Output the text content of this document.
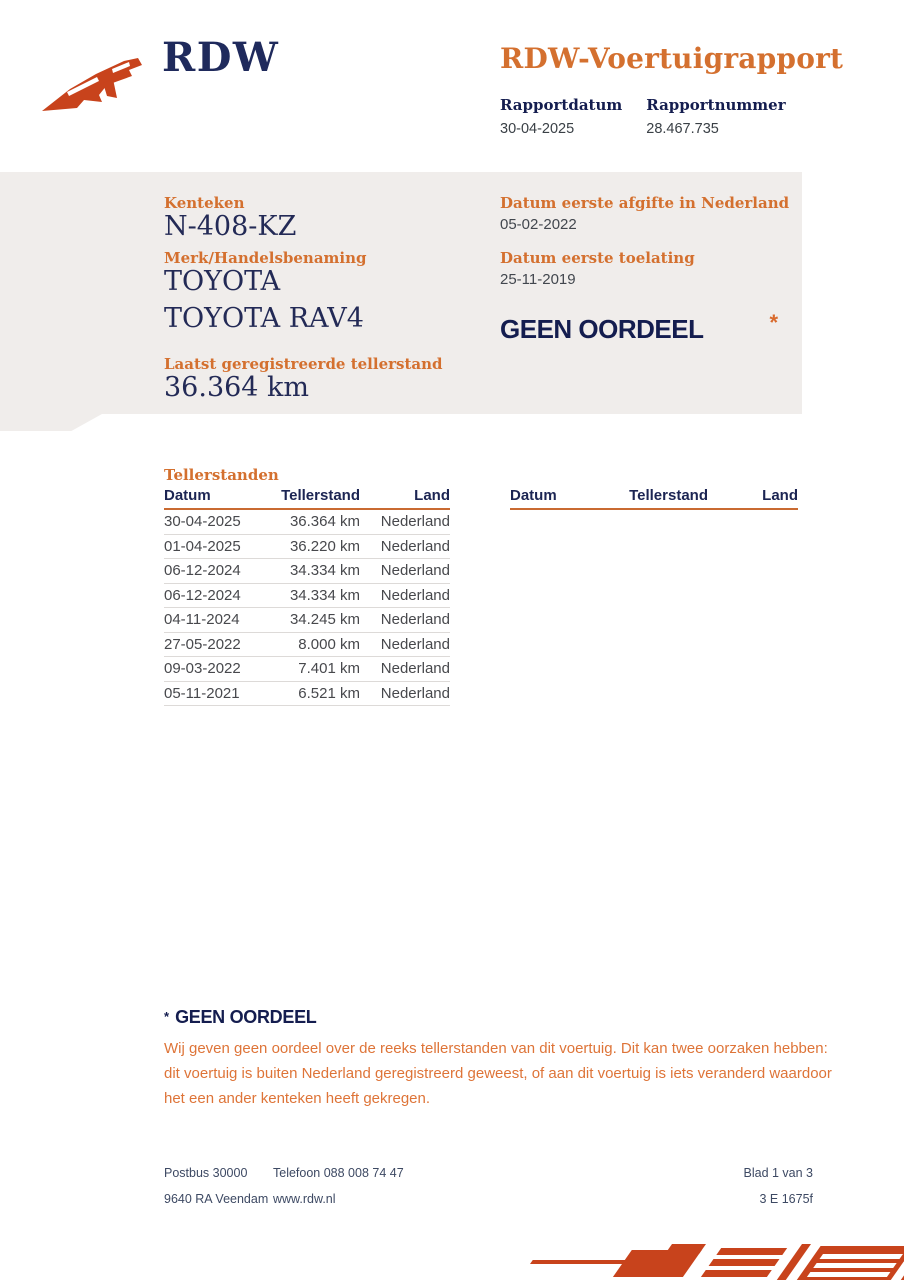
RDW	RDW-Voertuigrapport
Rapportdatum
30-04-2025
Rapportnummer
28.467.735
Kenteken
N-408-KZ
Merk/Handelsbenaming
TOYOTA TOYOTA RAV4
Laatst geregistreerde tellerstand
36.364 km
Datum eerste afgifte in Nederland
05-02-2022
Datum eerste toelating
25-11-2019
GEEN OORDEEL	*
Tellerstanden
Datum	Tellerstand	Land
30-04-2025	36.364 km	Nederland
01-04-2025	36.220 km	Nederland
06-12-2024	34.334 km	Nederland
06-12-2024	34.334 km	Nederland
04-11-2024	34.245 km	Nederland
27-05-2022	8.000 km	Nederland
09-03-2022	7.401 km	Nederland
05-11-2021	6.521 km	Nederland
Datum	Tellerstand	Land
* GEEN OORDEEL
Wij geven geen oordeel over de reeks tellerstanden van dit voertuig. Dit kan twee oorzaken hebben: dit voertuig is buiten Nederland geregistreerd geweest, of aan dit voertuig is iets veranderd waardoor het een ander kenteken heeft gekregen.
Postbus 30000
9640 RA Veendam
Telefoon 088 008 74 47
www.rdw.nl
Blad 1 van 3
3 E 1675f
